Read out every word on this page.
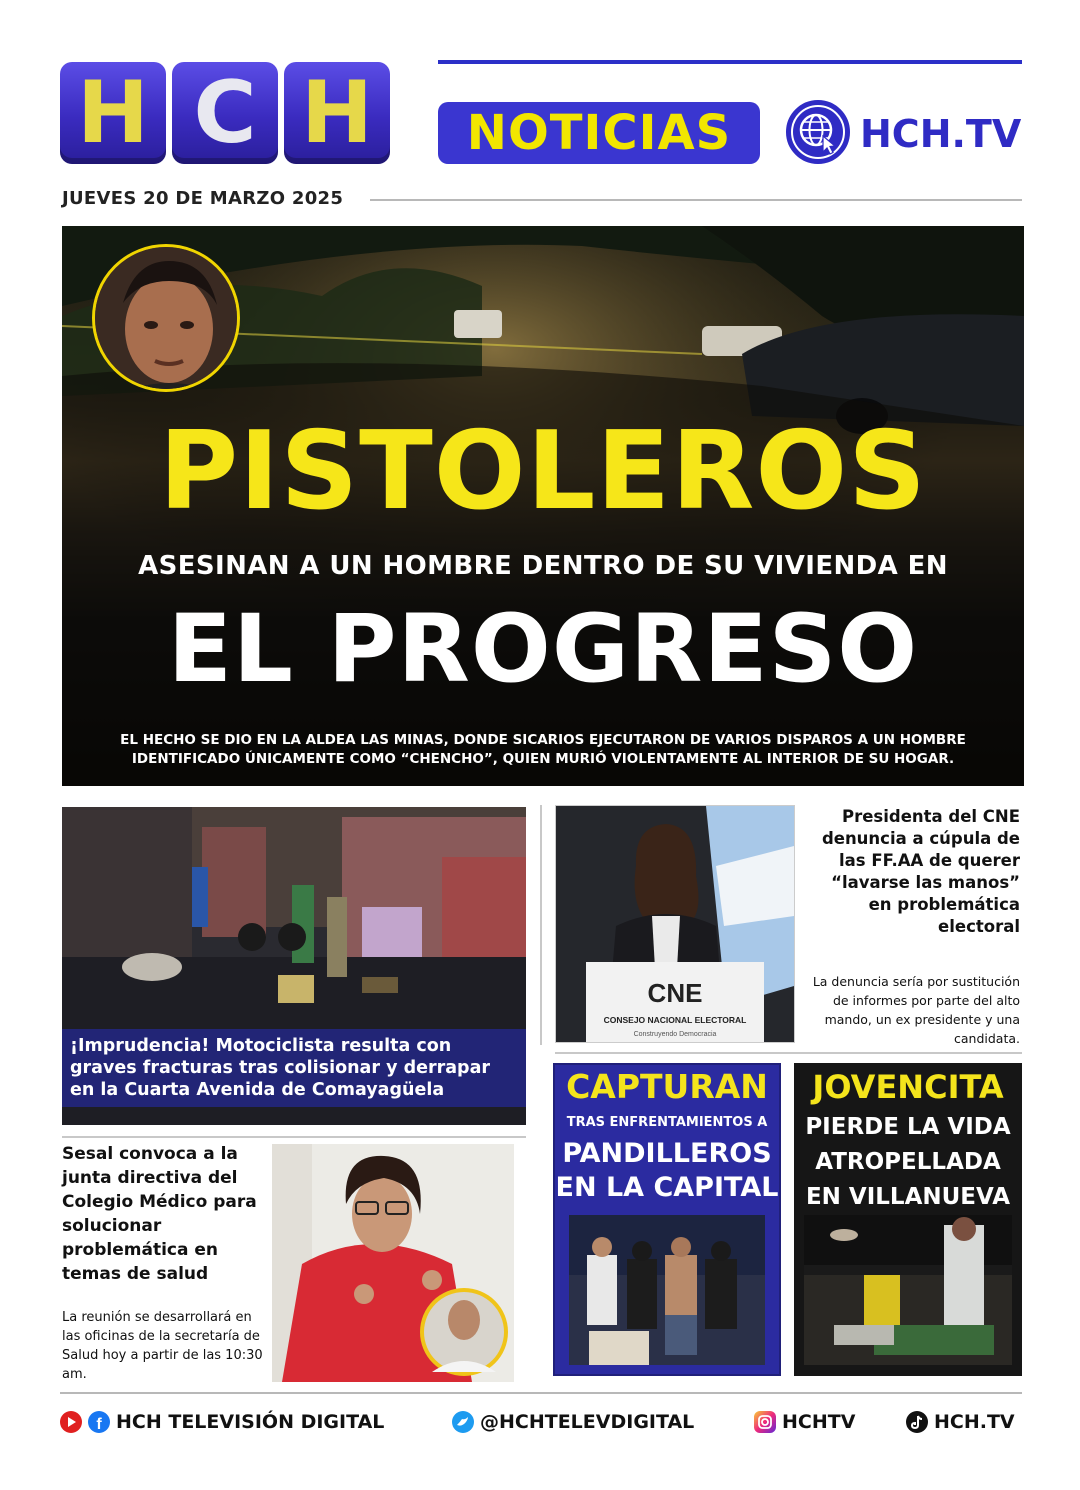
H C H	NOTICIAS	HCH.TV
JUEVES 20 DE MARZO 2025
PISTOLEROS
ASESINAN A UN HOMBRE DENTRO DE SU VIVIENDA EN
EL PROGRESO
EL HECHO SE DIO EN LA ALDEA LAS MINAS, DONDE SICARIOS EJECUTARON DE VARIOS DISPAROS A UN HOMBRE IDENTIFICADO ÚNICAMENTE COMO “CHENCHO”, QUIEN MURIÓ VIOLENTAMENTE AL INTERIOR DE SU HOGAR.
¡Imprudencia! Motociclista resulta con graves fracturas tras colisionar y derrapar en la Cuarta Avenida de Comayagüela
CNE
CONSEJO NACIONAL ELECTORAL
Construyendo Democracia
Presidenta del CNE denuncia a cúpula de las FF.AA de querer “lavarse las manos” en problemática electoral
La denuncia sería por sustitución de informes por parte del alto mando, un ex presidente y una candidata.
Sesal convoca a la junta directiva del Colegio Médico para solucionar problemática en temas de salud
La reunión se desarrollará en las oficinas de la secretaría de Salud hoy a partir de las 10:30 am.
CAPTURAN
TRAS ENFRENTAMIENTOS A
PANDILLEROS EN LA CAPITAL
JOVENCITA
PIERDE LA VIDA ATROPELLADA EN VILLANUEVA
f HCH TELEVISIÓN DIGITAL	@HCHTELEVDIGITAL	HCHTV	HCH.TV
